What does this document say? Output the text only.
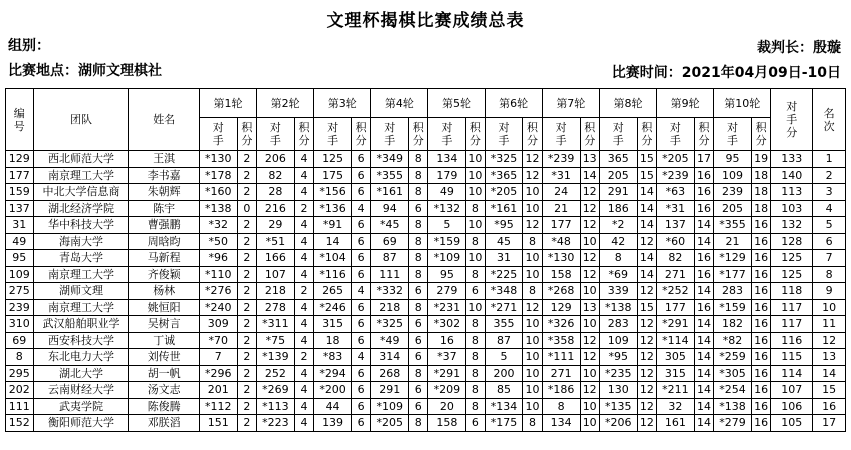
文理杯揭棋比赛成绩总表
组别：
比赛地点：湖师文理棋社
裁判长：殷璇
比赛时间：2021年04月09日-10日
编号	团队	姓名	第1轮		第2轮		第3轮		第4轮		第5轮		第6轮		第7轮		第8轮		第9轮		第10轮		对手分	名次
			对手	积分	对手	积分	对手	积分	对手	积分	对手	积分	对手	积分	对手	积分	对手	积分	对手	积分	对手	积分		
129	西北师范大学	王淇	*130	2	206	4	125	6	*349	8	134	10	*325	12	*239	13	365	15	*205	17	95	19	133	1
177	南京理工大学	李书嘉	*178	2	82	4	175	6	*355	8	179	10	*365	12	*31	14	205	15	*239	16	109	18	140	2
159	中北大学信息商	朱朝辉	*160	2	28	4	*156	6	*161	8	49	10	*205	10	24	12	291	14	*63	16	239	18	113	3
137	湖北经济学院	陈宇	*138	0	216	2	*136	4	94	6	*132	8	*161	10	21	12	186	14	*31	16	205	18	103	4
31	华中科技大学	曹强鹏	*32	2	29	4	*91	6	*45	8	5	10	*95	12	177	12	*2	14	137	14	*355	16	132	5
49	海南大学	周晗昀	*50	2	*51	4	14	6	69	8	*159	8	45	8	*48	10	42	12	*60	14	21	16	128	6
95	青岛大学	马新程	*96	2	166	4	*104	6	87	8	*109	10	31	10	*130	12	8	14	82	16	*129	16	125	7
109	南京理工大学	齐俊颖	*110	2	107	4	*116	6	111	8	95	8	*225	10	158	12	*69	14	271	16	*177	16	125	8
275	湖师文理	杨林	*276	2	218	2	265	4	*332	6	279	6	*348	8	*268	10	339	12	*252	14	283	16	118	9
239	南京理工大学	姚恒阳	*240	2	278	4	*246	6	218	8	*231	10	*271	12	129	13	*138	15	177	16	*159	16	117	10
310	武汉船舶职业学	吴树言	309	2	*311	4	315	6	*325	6	*302	8	355	10	*326	10	283	12	*291	14	182	16	117	11
69	西安科技大学	丁诚	*70	2	*75	4	18	6	*49	6	16	8	87	10	*358	12	109	12	*114	14	*82	16	116	12
8	东北电力大学	刘传世	7	2	*139	2	*83	4	314	6	*37	8	5	10	*111	12	*95	12	305	14	*259	16	115	13
295	湖北大学	胡一帆	*296	2	252	4	*294	6	268	8	*291	8	200	10	271	10	*235	12	315	14	*305	16	114	14
202	云南财经大学	汤文志	201	2	*269	4	*200	6	291	6	*209	8	85	10	*186	12	130	12	*211	14	*254	16	107	15
111	武夷学院	陈俊腾	*112	2	*113	4	44	6	*109	6	20	8	*134	10	8	10	*135	12	32	14	*138	16	106	16
152	衡阳师范大学	邓朕滔	151	2	*223	4	139	6	*205	8	158	6	*175	8	134	10	*206	12	161	14	*279	16	105	17
